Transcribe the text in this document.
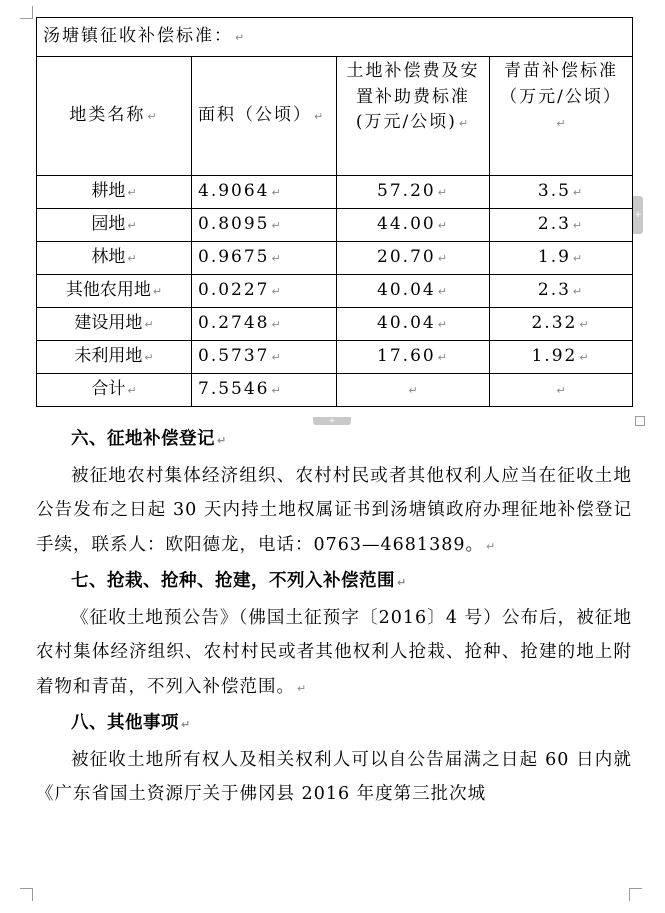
汤塘镇征收补偿标准： ↵			
地类名称 ↵	面积（公顷） ↵	土地补偿费及安置补助费标准(万元/公顷) ↵	青苗补偿标准（万元/公顷）↵
耕地 ↵	4.9064 ↵	57.20 ↵	3.5 ↵
园地 ↵	0.8095 ↵	44.00 ↵	2.3 ↵
林地 ↵	0.9675 ↵	20.70 ↵	1.9 ↵
其他农用地 ↵	0.0227 ↵	40.04 ↵	2.3 ↵
建设用地 ↵	0.2748 ↵	40.04 ↵	2.32 ↵
未利用地 ↵	0.5737 ↵	17.60 ↵	1.92 ↵
合计 ↵	7.5546 ↵	↵	↵
+
+

六、征地补偿登记 ↵

被征地农村集体经济组织、农村村民或者其他权利人应当在征收土地公告发布之日起 30 天内持土地权属证书到汤塘镇政府办理征地补偿登记手续，联系人：欧阳德龙，电话：0763—4681389。 ↵

七、抢栽、抢种、抢建，不列入补偿范围 ↵

《征收土地预公告》（佛国土征预字〔2016〕4 号）公布后，被征地农村集体经济组织、农村村民或者其他权利人抢栽、抢种、抢建的地上附着物和青苗，不列入补偿范围。 ↵

八、其他事项 ↵

被征收土地所有权人及相关权利人可以自公告届满之日起 60 日内就《广东省国土资源厅关于佛冈县 2016 年度第三批次城
